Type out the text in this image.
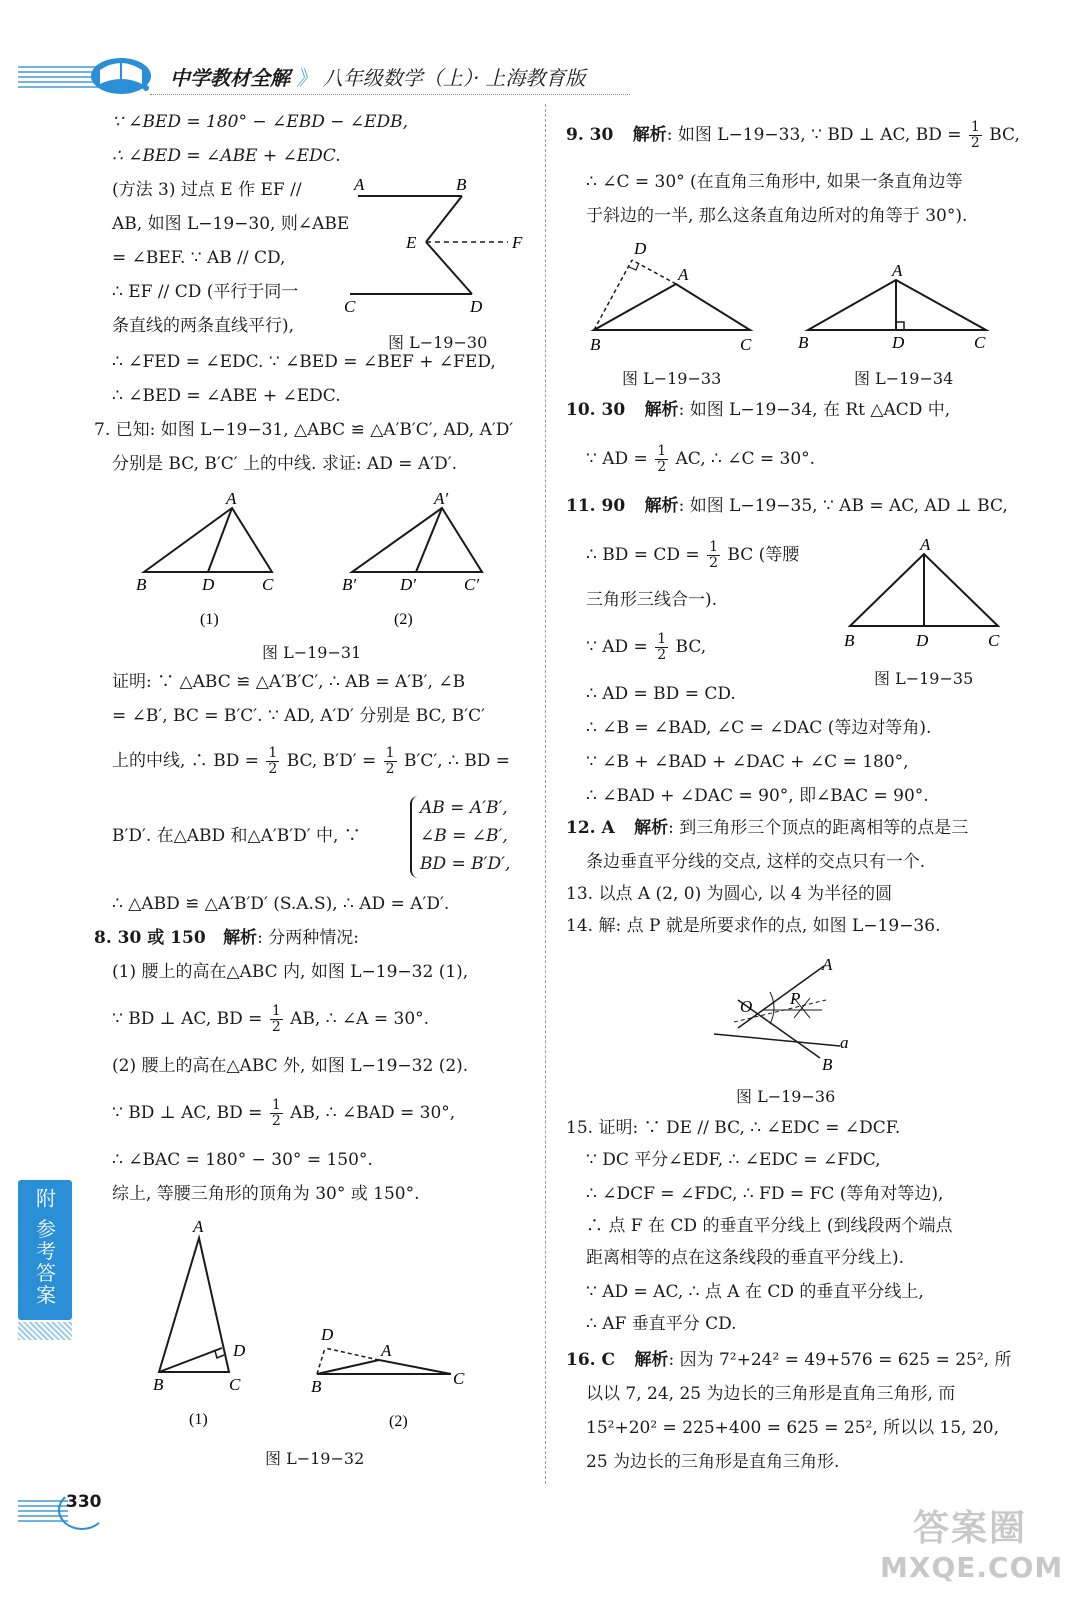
中学教材全解 》 八年级数学（上）· 上海教育版
∵ ∠BED = 180° − ∠EBD − ∠EDB,
∴ ∠BED = ∠ABE + ∠EDC.
(方法 3) 过点 E 作 EF //
AB, 如图 L−19−30, 则∠ABE
= ∠BEF. ∵ AB // CD,
∴ EF // CD (平行于同一
条直线的两条直线平行),
∴ ∠FED = ∠EDC. ∵ ∠BED = ∠BEF + ∠FED,
∴ ∠BED = ∠ABE + ∠EDC.
A	B
E	F
C	D
图 L−19−30
7. 已知: 如图 L−19−31, △ABC ≌ △A′B′C′, AD, A′D′
分别是 BC, B′C′ 上的中线. 求证: AD = A′D′.
A
B	D	C
A′
B′	D′	C′
(1)	(2)
图 L−19−31
证明: ∵ △ABC ≌ △A′B′C′, ∴ AB = A′B′, ∠B
= ∠B′, BC = B′C′. ∵ AD, A′D′ 分别是 BC, B′C′
上的中线, ∴ BD = $\frac{1}{2}$ BC, $B'D' = \frac{1}{2} B'C'$, ∴ BD =
B′D′. 在△ABD 和△A′B′D′ 中, ∵
AB = A′B′,
∠B = ∠B′,
BD = B′D′,
∴ △ABD ≌ △A′B′D′ (S.A.S), ∴ AD = A′D′.
8. 30 或 150 解析: 分两种情况:
(1) 腰上的高在△ABC 内, 如图 L−19−32 (1),
∵ BD ⊥ AC, BD = $\frac{1}{2}$ AB, ∴ ∠A = 30°.
(2) 腰上的高在△ABC 外, 如图 L−19−32 (2).
∵ BD ⊥ AC, BD = $\frac{1}{2}$ AB, ∴ ∠BAD = 30°,
∴ ∠BAC = 180° − 30° = 150°.
综上, 等腰三角形的顶角为 30° 或 150°.
A
D
B	C
D
A
B	C
(1)	(2)
图 L−19−32
附 参考答案
330
9. 30 解析: 如图 L−19−33, ∵ BD ⊥ AC, BD = $\frac{1}{2}$ BC,
∴ ∠C = 30° (在直角三角形中, 如果一条直角边等
于斜边的一半, 那么这条直角边所对的角等于 30°).
D
A
B	C
图 L−19−33
A
B	D	C
图 L−19−34
10. 30 解析: 如图 L−19−34, 在 Rt △ACD 中,
∵ AD = $\frac{1}{2}$ AC, ∴ ∠C = 30°.
11. 90 解析: 如图 L−19−35, ∵ AB = AC, AD ⊥ BC,
∴ BD = CD = $\frac{1}{2}$ BC (等腰
三角形三线合一).
∵ AD = $\frac{1}{2}$ BC,
∴ AD = BD = CD.
∴ ∠B = ∠BAD, ∠C = ∠DAC (等边对等角).
∵ ∠B + ∠BAD + ∠DAC + ∠C = 180°,
∴ ∠BAD + ∠DAC = 90°, 即∠BAC = 90°.
A
B	D	C
图 L−19−35
12. A 解析: 到三角形三个顶点的距离相等的点是三
条边垂直平分线的交点, 这样的交点只有一个.
13. 以点 A (2, 0) 为圆心, 以 4 为半径的圆
14. 解: 点 P 就是所要求作的点, 如图 L−19−36.
A
O P
B
a
图 L−19−36
15. 证明: ∵ DE // BC, ∴ ∠EDC = ∠DCF.
∵ DC 平分∠EDF, ∴ ∠EDC = ∠FDC,
∴ ∠DCF = ∠FDC, ∴ FD = FC (等角对等边),
∴ 点 F 在 CD 的垂直平分线上 (到线段两个端点
距离相等的点在这条线段的垂直平分线上).
∵ AD = AC, ∴ 点 A 在 CD 的垂直平分线上,
∴ AF 垂直平分 CD.
16. C 解析: 因为 7²+24² = 49+576 = 625 = 25², 所
以以 7, 24, 25 为边长的三角形是直角三角形, 而
15²+20² = 225+400 = 625 = 25², 所以以 15, 20,
25 为边长的三角形是直角三角形.
答案圈
MXQE.COM
